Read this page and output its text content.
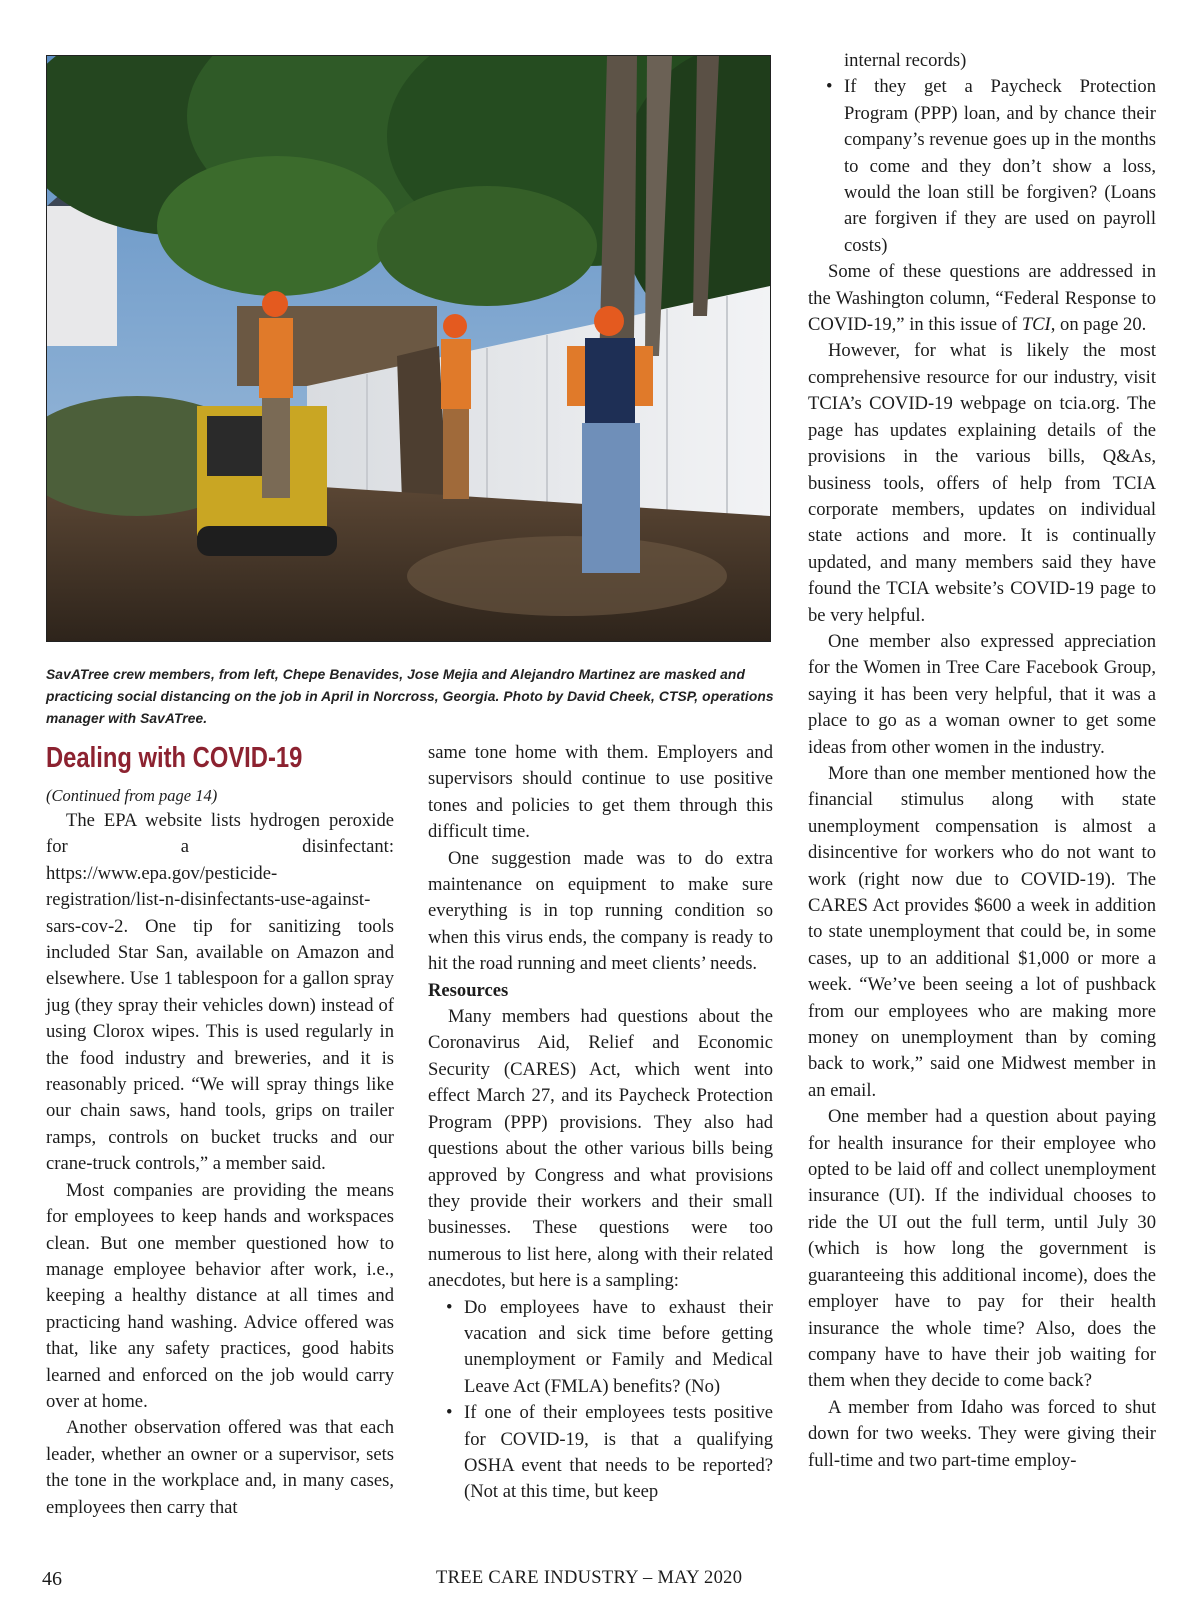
SavATree crew members, from left, Chepe Benavides, Jose Mejia and Alejandro Martinez are masked and practicing social distancing on the job in April in Norcross, Georgia. Photo by David Cheek, CTSP, operations manager with SavATree.
Dealing with COVID-19

(Continued from page 14)

The EPA website lists hydrogen peroxide for a disinfectant: https://www.epa.gov/pesticide-registration/list-n-disinfectants-use-against-sars-cov-2. One tip for sanitizing tools included Star San, available on Amazon and elsewhere. Use 1 tablespoon for a gallon spray jug (they spray their vehicles down) instead of using Clorox wipes. This is used regularly in the food industry and breweries, and it is reasonably priced. “We will spray things like our chain saws, hand tools, grips on trailer ramps, controls on bucket trucks and our crane-truck controls,” a member said.

Most companies are providing the means for employees to keep hands and workspaces clean. But one member questioned how to manage employee behavior after work, i.e., keeping a healthy distance at all times and practicing hand washing. Advice offered was that, like any safety practices, good habits learned and enforced on the job would carry over at home.

Another observation offered was that each leader, whether an owner or a supervisor, sets the tone in the workplace and, in many cases, employees then carry that

same tone home with them. Employers and supervisors should continue to use positive tones and policies to get them through this difficult time.

One suggestion made was to do extra maintenance on equipment to make sure everything is in top running condition so when this virus ends, the company is ready to hit the road running and meet clients’ needs.

Resources

Many members had questions about the Coronavirus Aid, Relief and Economic Security (CARES) Act, which went into effect March 27, and its Paycheck Protection Program (PPP) provisions. They also had questions about the other various bills being approved by Congress and what provisions they provide their workers and their small businesses. These questions were too numerous to list here, along with their related anecdotes, but here is a sampling:

• Do employees have to exhaust their vacation and sick time before getting unemployment or Family and Medical Leave Act (FMLA) benefits? (No)
• If one of their employees tests positive for COVID-19, is that a qualifying OSHA event that needs to be reported? (Not at this time, but keep

internal records)

• If they get a Paycheck Protection Program (PPP) loan, and by chance their company’s revenue goes up in the months to come and they don’t show a loss, would the loan still be forgiven? (Loans are forgiven if they are used on payroll costs)

Some of these questions are addressed in the Washington column, “Federal Response to COVID-19,” in this issue of TCI, on page 20.

However, for what is likely the most comprehensive resource for our industry, visit TCIA’s COVID-19 webpage on tcia.org. The page has updates explaining details of the provisions in the various bills, Q&As, business tools, offers of help from TCIA corporate members, updates on individual state actions and more. It is continually updated, and many members said they have found the TCIA website’s COVID-19 page to be very helpful.

One member also expressed appreciation for the Women in Tree Care Facebook Group, saying it has been very helpful, that it was a place to go as a woman owner to get some ideas from other women in the industry.

More than one member mentioned how the financial stimulus along with state unemployment compensation is almost a disincentive for workers who do not want to work (right now due to COVID-19). The CARES Act provides $600 a week in addition to state unemployment that could be, in some cases, up to an additional $1,000 or more a week. “We’ve been seeing a lot of pushback from our employees who are making more money on unemployment than by coming back to work,” said one Midwest member in an email.

One member had a question about paying for health insurance for their employee who opted to be laid off and collect unemployment insurance (UI). If the individual chooses to ride the UI out the full term, until July 30 (which is how long the government is guaranteeing this additional income), does the employer have to pay for their health insurance the whole time? Also, does the company have to have their job waiting for them when they decide to come back?

A member from Idaho was forced to shut down for two weeks. They were giving their full-time and two part-time employ-

46	TREE CARE INDUSTRY – MAY 2020
